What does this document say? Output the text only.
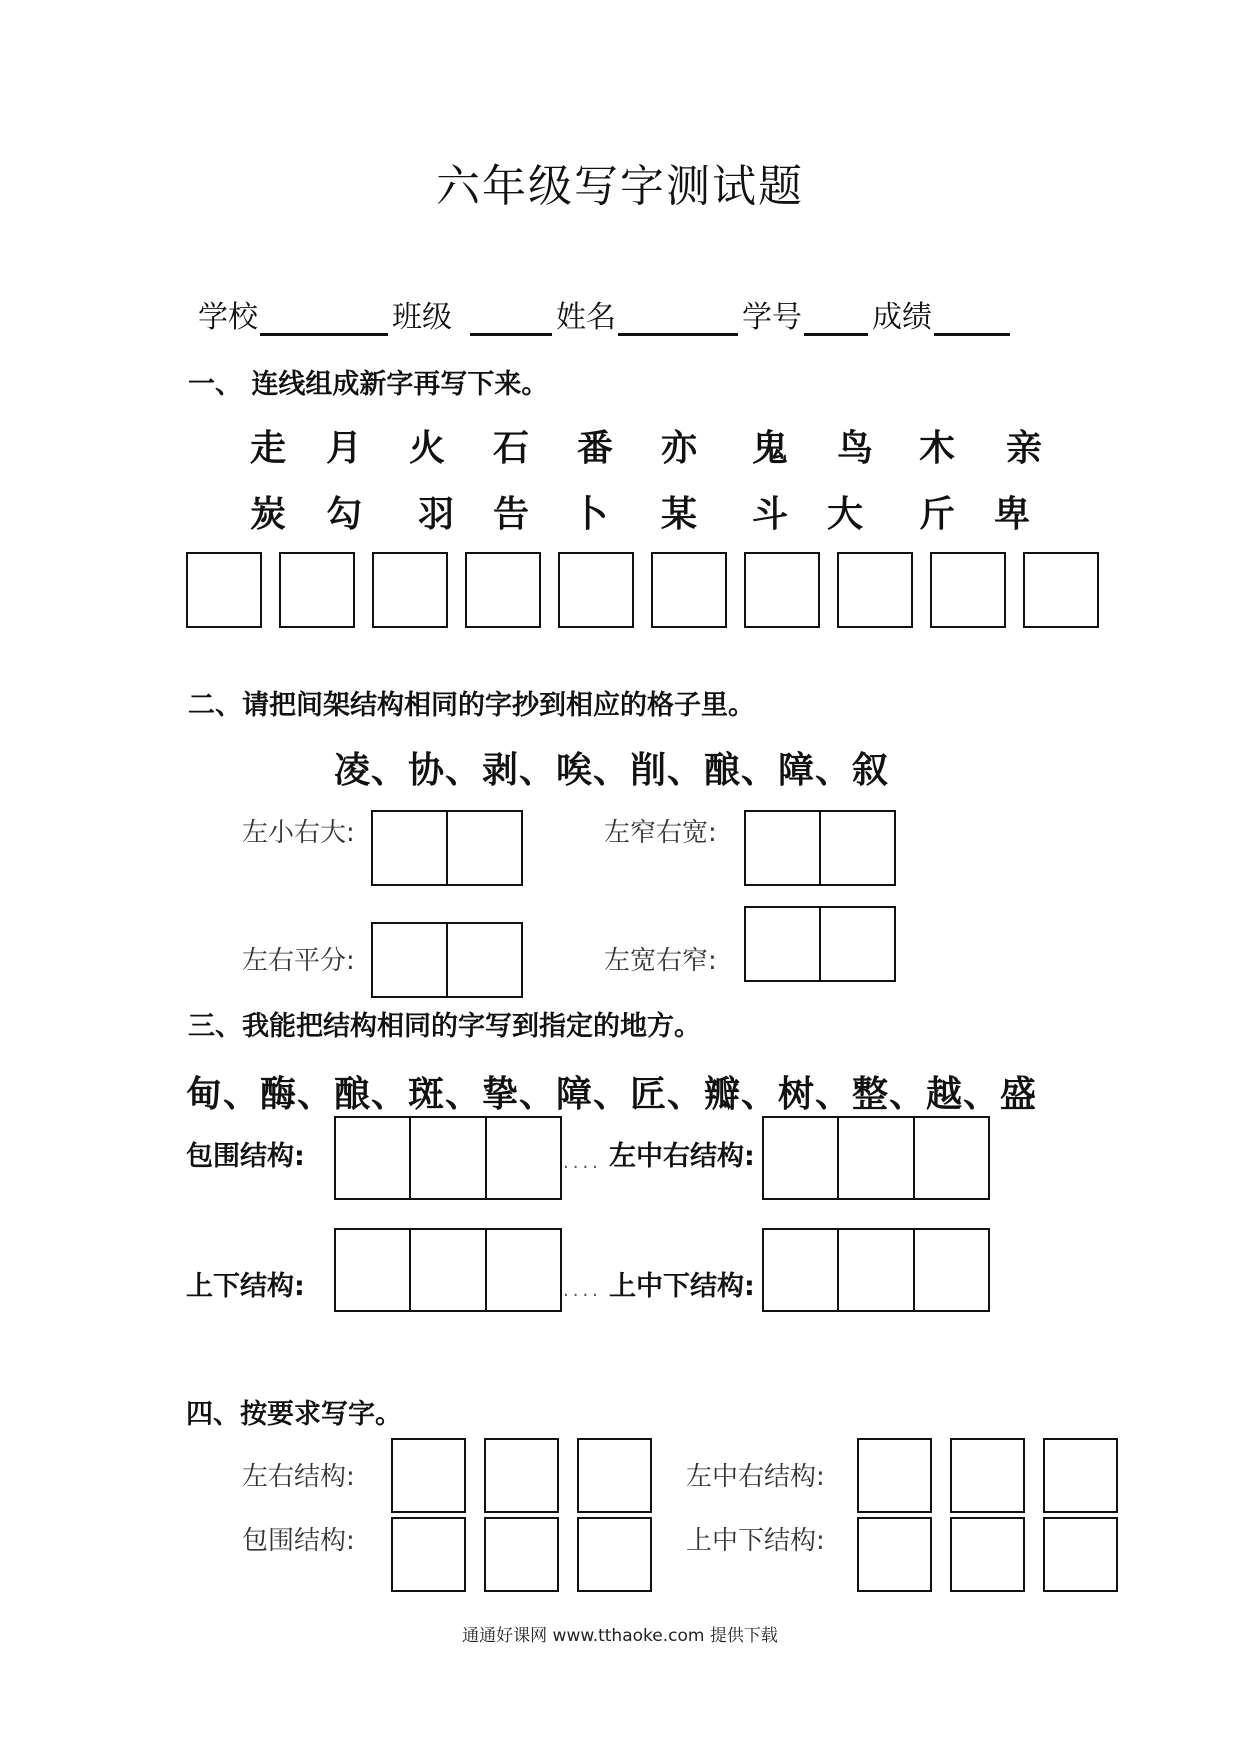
六年级写字测试题
学校	班级	姓名	学号 成绩
一、 连线组成新字再写下来。
走	月	火	石	番	亦	鬼	鸟	木	亲
炭	勾	羽	告	卜	某	斗	大	斤	卑
二、请把间架结构相同的字抄到相应的格子里。
凌、协、剥、唉、削、酿、障、叙
左小右大:	左窄右宽:
左右平分:	左宽右窄:
三、我能把结构相同的字写到指定的地方。
甸、酶、酿、斑、挚、障、匠、瓣、树、整、越、盛
包围结构:	.... 左中右结构:
上下结构:	.... 上中下结构:
四、按要求写字。
左右结构:	左中右结构:
包围结构:	上中下结构:
通通好课网 www.tthaoke.com 提供下载
